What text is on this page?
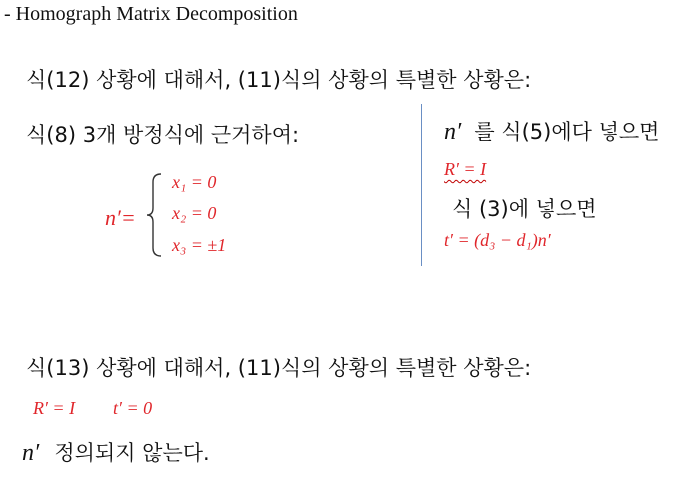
- Homograph Matrix Decomposition
식(12) 상황에 대해서, (11)식의 상황의 특별한 상황은:
식(8) 3개 방정식에 근거하여:
n′=
x₁ = 0
x₂ = 0
x₃ = ±1
n′ 를 식(5)에다 넣으면
R′ = I
식 (3)에 넣으면
t′ = (d₃ − d₁)n′
식(13) 상황에 대해서, (11)식의 상황의 특별한 상황은:
R′ = I t′ = 0
n′ 정의되지 않는다.
